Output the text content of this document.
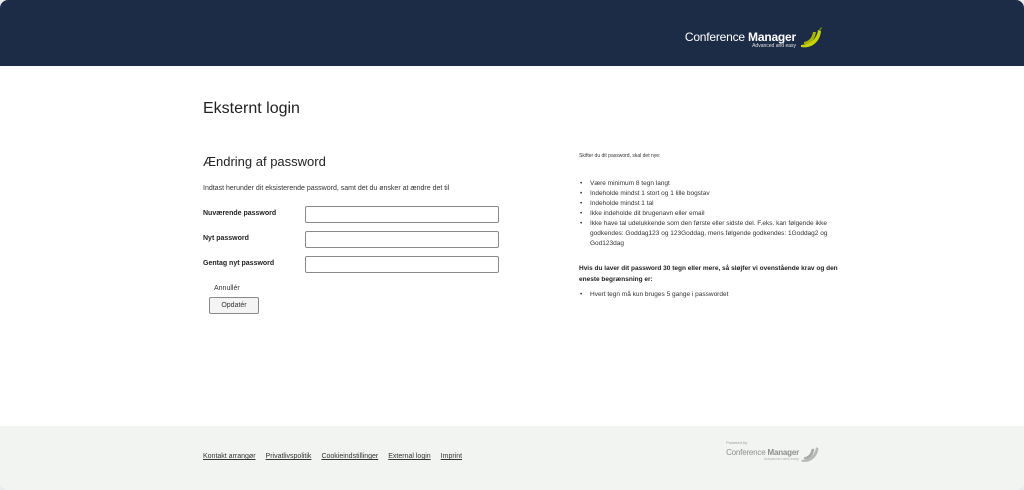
Conference Manager
Advanced and easy
Eksternt login
Ændring af password

Indtast herunder dit eksisterende password, samt det du ønsker at ændre det til

Nuværende password
Nyt password
Gentag nyt password
Annullér
Opdatér

Skifter du dit password, skal det nye:

• Være minimum 8 tegn langt
• Indeholde mindst 1 stort og 1 lille bogstav
• Indeholde mindst 1 tal
• Ikke indeholde dit brugenavn eller email
• Ikke have tal udelukkende som den første eller sidste del. F.eks. kan følgende ikke godkendes: Goddag123 og 123Goddag, mens følgende godkendes: 1Goddag2 og God123dag

Hvis du laver dit password 30 tegn eller mere, så sløjfer vi ovenstående krav og den eneste begrænsning er:

• Hvert tegn må kun bruges 5 gange i passwordet
Kontakt arrangør Privatlivspolitik Cookieindstillinger External login Imprint
Powered by
Conference Manager
Advanced and easy
